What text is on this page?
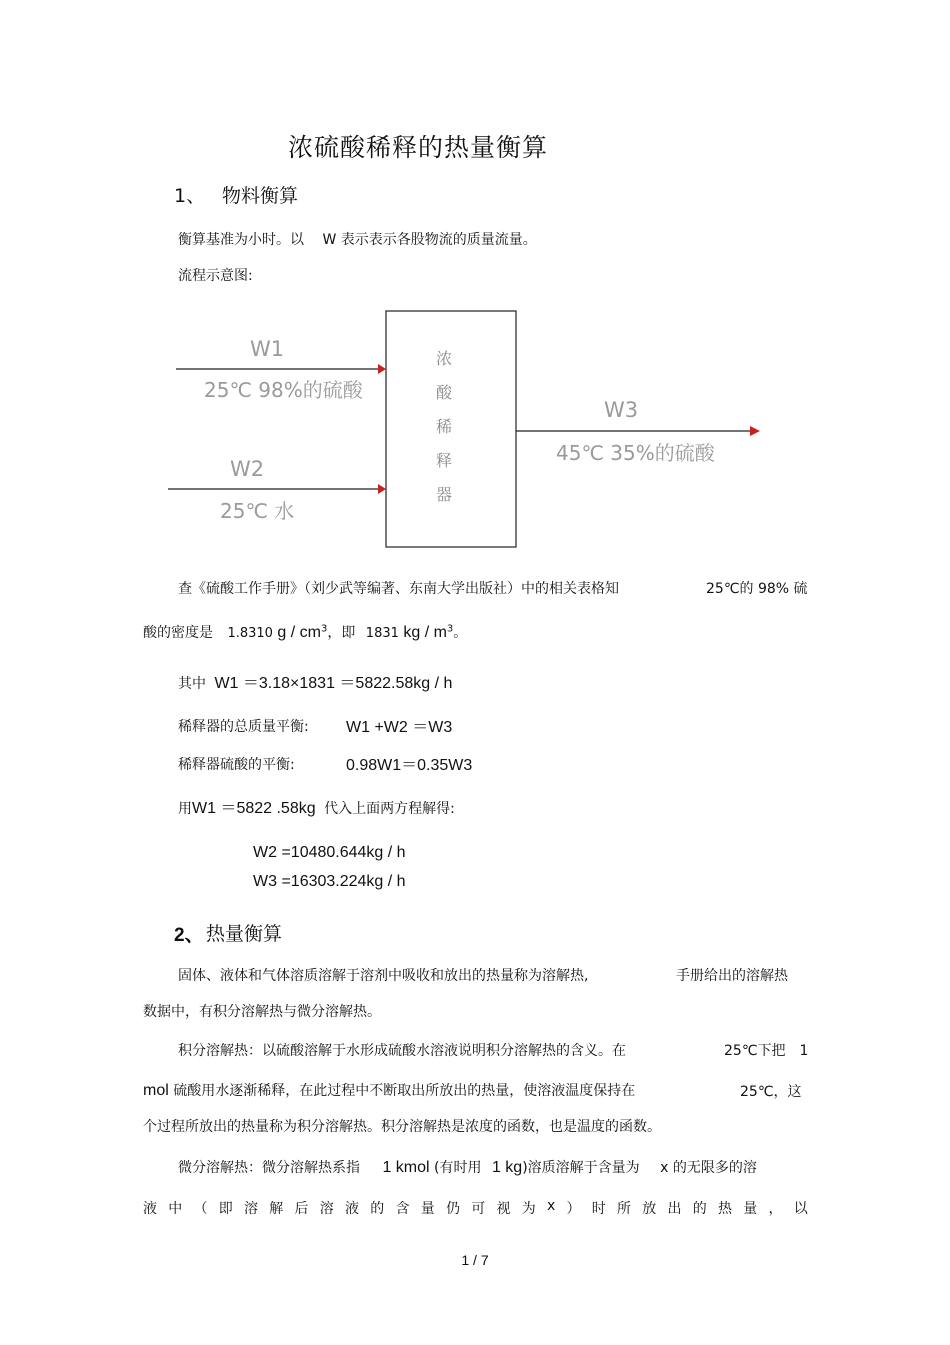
浓硫酸稀释的热量衡算
1、 物料衡算
衡算基准为小时。以　 W 表示表示各股物流的质量流量。
流程示意图:
W1
25℃ 98%的硫酸
W2
25℃ 水
W3
45℃ 35%的硫酸
浓
酸
稀
释
器
查《硫酸工作手册》（刘少武等编著、东南大学出版社）中的相关表格知	25℃的 98% 硫
酸的密度是 1.8310 g / $cm^3$，即 1831 kg / $m^3$。
其中 W1 ＝3.18×1831 ＝5822.58kg / h
稀释器的总质量平衡: W1 +W2 ＝W3
稀释器硫酸的平衡:	0.98W1＝0.35W3
用W1 ＝5822 .58kg 代入上面两方程解得:
W2 =10480.644kg / h
W3 =16303.224kg / h
2、 热量衡算
固体、液体和气体溶质溶解于溶剂中吸收和放出的热量称为溶解热,	手册给出的溶解热
数据中，有积分溶解热与微分溶解热。
积分溶解热：以硫酸溶解于水形成硫酸水溶液说明积分溶解热的含义。在	25℃下把　1
mol 硫酸用水逐渐稀释，在此过程中不断取出所放出的热量，使溶液温度保持在	25℃，这
个过程所放出的热量称为积分溶解热。积分溶解热是浓度的函数，也是温度的函数。
微分溶解热：微分溶解热系指 1 kmol (有时用 1 kg)溶质溶解于含量为 x 的无限多的溶
液 中 （ 即 溶 解 后 溶 液 的 含 量 仍 可 视 为 x ） 时 所 放 出 的 热 量 ， 以
1 / 7
